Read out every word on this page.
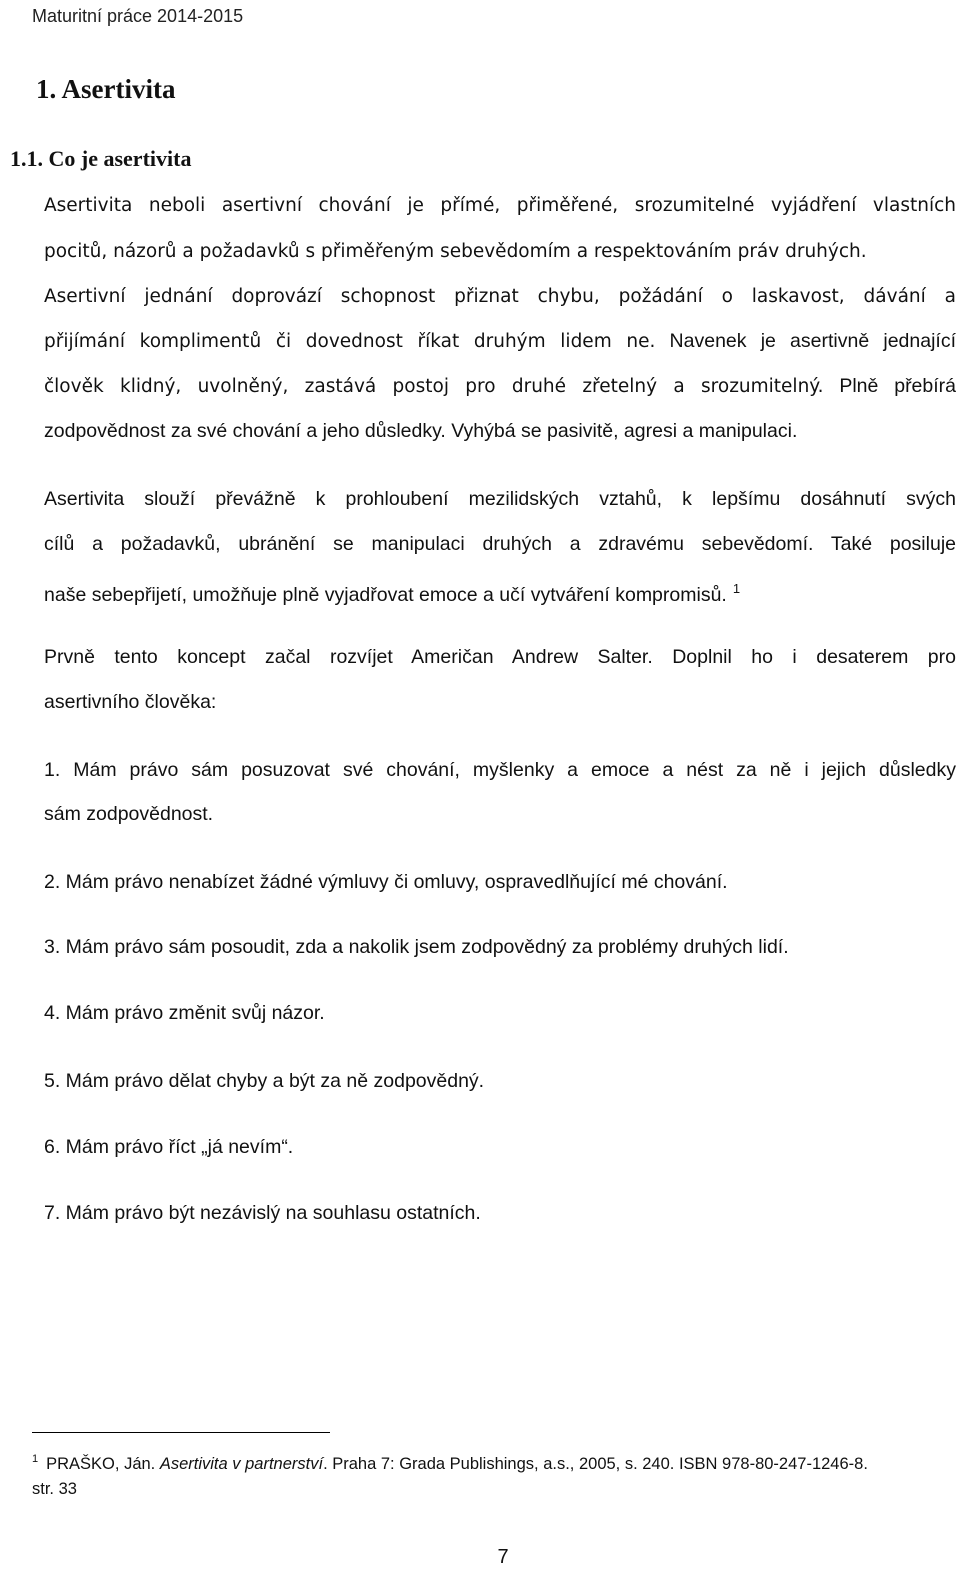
Maturitní práce 2014-2015
1. Asertivita
1.1. Co je asertivita
Asertivita neboli asertivní chování je přímé, přiměřené, srozumitelné vyjádření vlastních
pocitů, názorů a požadavků s přiměřeným sebevědomím a respektováním práv druhých.
Asertivní jednání doprovází schopnost přiznat chybu, požádání o laskavost, dávání a
přijímání komplimentů či dovednost říkat druhým lidem ne. Navenek je asertivně jednající
člověk klidný, uvolněný, zastává postoj pro druhé zřetelný a srozumitelný. Plně přebírá
zodpovědnost za své chování a jeho důsledky. Vyhýbá se pasivitě, agresi a manipulaci.
Asertivita slouží převážně k prohloubení mezilidských vztahů, k lepšímu dosáhnutí svých
cílů a požadavků, ubránění se manipulaci druhých a zdravému sebevědomí. Také posiluje
naše sebepřijetí, umožňuje plně vyjadřovat emoce a učí vytváření kompromisů. $^1$
Prvně tento koncept začal rozvíjet Američan Andrew Salter. Doplnil ho i desaterem pro
asertivního člověka:
1. Mám právo sám posuzovat své chování, myšlenky a emoce a nést za ně i jejich důsledky
sám zodpovědnost.
2. Mám právo nenabízet žádné výmluvy či omluvy, ospravedlňující mé chování.
3. Mám právo sám posoudit, zda a nakolik jsem zodpovědný za problémy druhých lidí.
4. Mám právo změnit svůj názor.
5. Mám právo dělat chyby a být za ně zodpovědný.
6. Mám právo říct „já nevím“.
7. Mám právo být nezávislý na souhlasu ostatních.
$^1$ PRAŠKO, Ján. Asertivita v partnerství. Praha 7: Grada Publishings, a.s., 2005, s. 240. ISBN 978-80-247-1246-8.
str. 33
7
